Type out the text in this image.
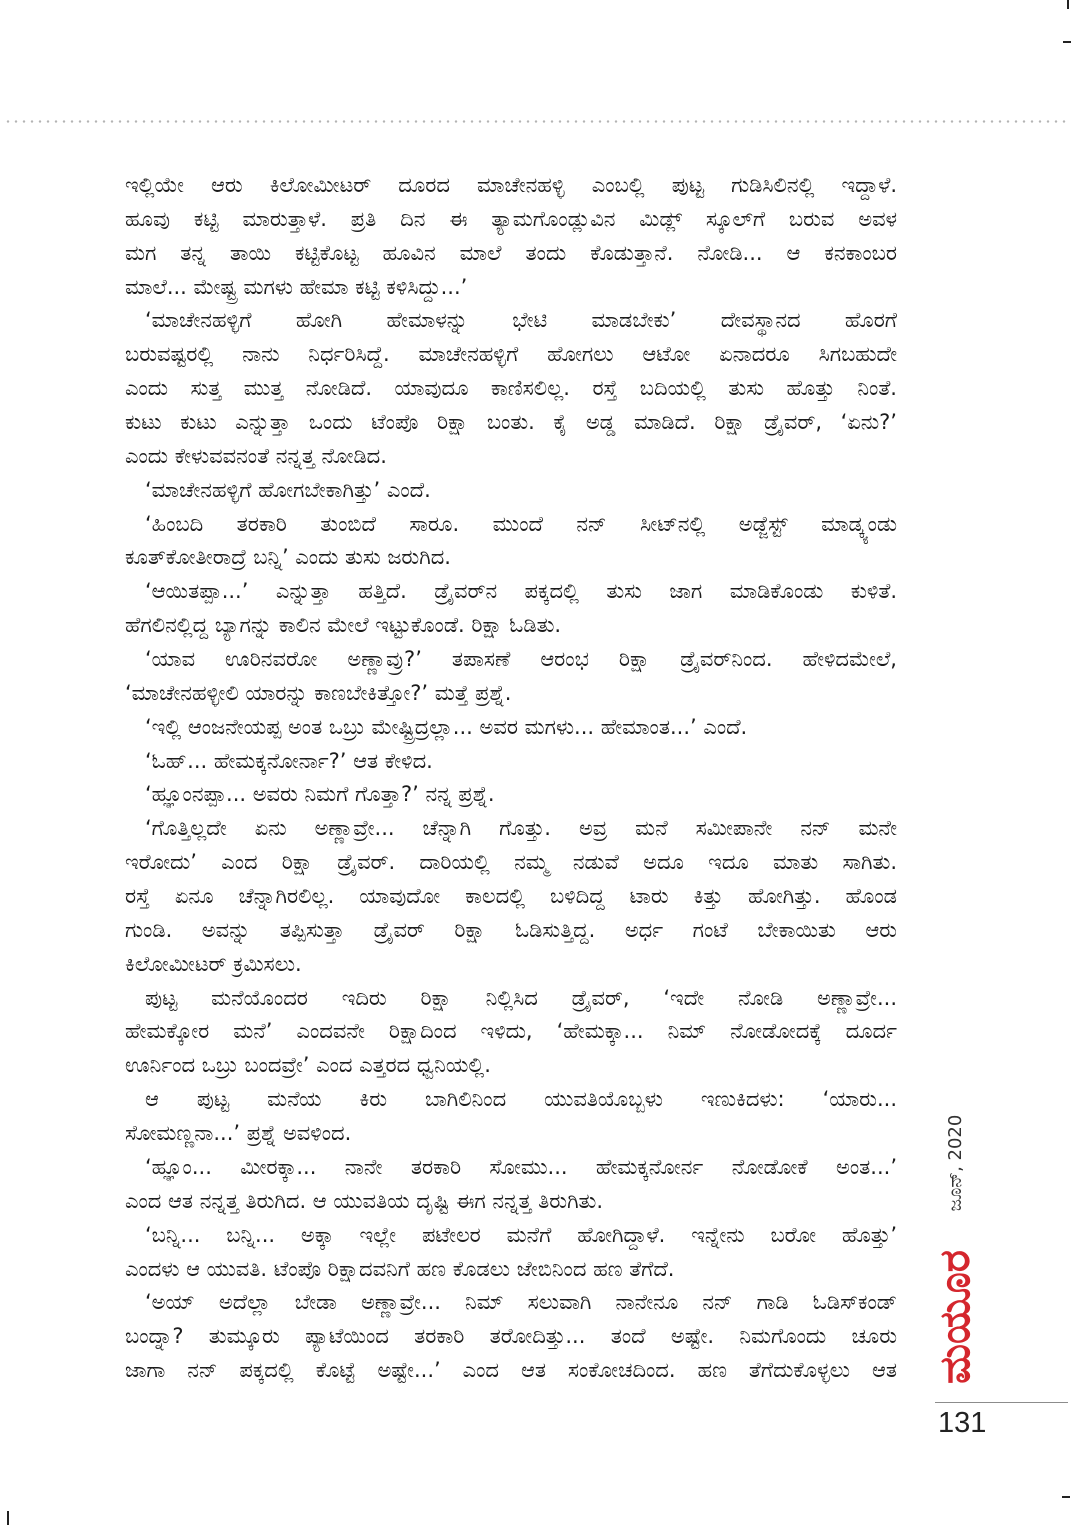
ಇಲ್ಲಿಯೇ ಆರು ಕಿಲೋಮೀಟರ್ ದೂರದ ಮಾಚೇನಹಳ್ಳಿ ಎಂಬಲ್ಲಿ ಪುಟ್ಟ ಗುಡಿಸಿಲಿನಲ್ಲಿ ಇದ್ದಾಳೆ.
ಹೂವು ಕಟ್ಟಿ ಮಾರುತ್ತಾಳೆ. ಪ್ರತಿ ದಿನ ಈ ತ್ಯಾಮಗೊಂಡ್ಲುವಿನ ಮಿಡ್ಲ್ ಸ್ಕೂಲ್‌ಗೆ ಬರುವ ಅವಳ
ಮಗ ತನ್ನ ತಾಯಿ ಕಟ್ಟಿಕೊಟ್ಟ ಹೂವಿನ ಮಾಲೆ ತಂದು ಕೊಡುತ್ತಾನೆ. ನೋಡಿ... ಆ ಕನಕಾಂಬರ
ಮಾಲೆ... ಮೇಷ್ಟ್ರ ಮಗಳು ಹೇಮಾ ಕಟ್ಟಿ ಕಳಿಸಿದ್ದು...’
‘ಮಾಚೇನಹಳ್ಳಿಗೆ ಹೋಗಿ ಹೇಮಾಳನ್ನು ಭೇಟಿ ಮಾಡಬೇಕು’ ದೇವಸ್ಥಾನದ ಹೊರಗೆ
ಬರುವಷ್ಟರಲ್ಲಿ ನಾನು ನಿರ್ಧರಿಸಿದ್ದೆ. ಮಾಚೇನಹಳ್ಳಿಗೆ ಹೋಗಲು ಆಟೋ ಏನಾದರೂ ಸಿಗಬಹುದೇ
ಎಂದು ಸುತ್ತ ಮುತ್ತ ನೋಡಿದೆ. ಯಾವುದೂ ಕಾಣಿಸಲಿಲ್ಲ. ರಸ್ತೆ ಬದಿಯಲ್ಲಿ ತುಸು ಹೊತ್ತು ನಿಂತೆ.
ಕುಟು ಕುಟು ಎನ್ನುತ್ತಾ ಒಂದು ಟೆಂಪೊ ರಿಕ್ಷಾ ಬಂತು. ಕೈ ಅಡ್ಡ ಮಾಡಿದೆ. ರಿಕ್ಷಾ ಡ್ರೈವರ್, ‘ಏನು?’
ಎಂದು ಕೇಳುವವನಂತೆ ನನ್ನತ್ತ ನೋಡಿದ.
‘ಮಾಚೇನಹಳ್ಳಿಗೆ ಹೋಗಬೇಕಾಗಿತ್ತು’ ಎಂದೆ.
‘ಹಿಂಬದಿ ತರಕಾರಿ ತುಂಬಿದೆ ಸಾರೂ. ಮುಂದೆ ನನ್ ಸೀಟ್‌ನಲ್ಲಿ ಅಡ್ಜೆಸ್ಟ್ ಮಾಡ್ಕ್ಯಂಡು
ಕೂತ್‌ಕೋತೀರಾದ್ರೆ ಬನ್ನಿ’ ಎಂದು ತುಸು ಜರುಗಿದ.
‘ಆಯಿತಪ್ಪಾ...’ ಎನ್ನುತ್ತಾ ಹತ್ತಿದೆ. ಡ್ರೈವರ್‌ನ ಪಕ್ಕದಲ್ಲಿ ತುಸು ಜಾಗ ಮಾಡಿಕೊಂಡು ಕುಳಿತೆ.
ಹೆಗಲಿನಲ್ಲಿದ್ದ ಬ್ಯಾಗನ್ನು ಕಾಲಿನ ಮೇಲೆ ಇಟ್ಟುಕೊಂಡೆ. ರಿಕ್ಷಾ ಓಡಿತು.
‘ಯಾವ ಊರಿನವರೋ ಅಣ್ಣಾವ್ರು?’ ತಪಾಸಣೆ ಆರಂಭ ರಿಕ್ಷಾ ಡ್ರೈವರ್‌ನಿಂದ. ಹೇಳಿದಮೇಲೆ,
‘ಮಾಚೇನಹಳ್ಳೀಲಿ ಯಾರನ್ನು ಕಾಣಬೇಕಿತ್ತೋ?’ ಮತ್ತೆ ಪ್ರಶ್ನೆ.
‘ಇಲ್ಲಿ ಆಂಜನೇಯಪ್ಪ ಅಂತ ಒಬ್ರು ಮೇಷ್ಟ್ರಿದ್ರಲ್ಲಾ... ಅವರ ಮಗಳು... ಹೇಮಾಂತ...’ ಎಂದೆ.
‘ಓಹ್... ಹೇಮಕ್ಕನೋರ್ನಾ?’ ಆತ ಕೇಳಿದ.
‘ಹ್ಞೂಂನಪ್ಪಾ... ಅವರು ನಿಮಗೆ ಗೊತ್ತಾ?’ ನನ್ನ ಪ್ರಶ್ನೆ.
‘ಗೊತ್ತಿಲ್ಲದೇ ಏನು ಅಣ್ಣಾವ್ರೇ... ಚೆನ್ನಾಗಿ ಗೊತ್ತು. ಅವ್ರ ಮನೆ ಸಮೀಪಾನೇ ನನ್ ಮನೇ
ಇರೋದು’ ಎಂದ ರಿಕ್ಷಾ ಡ್ರೈವರ್. ದಾರಿಯಲ್ಲಿ ನಮ್ಮ ನಡುವೆ ಅದೂ ಇದೂ ಮಾತು ಸಾಗಿತು.
ರಸ್ತೆ ಏನೂ ಚೆನ್ನಾಗಿರಲಿಲ್ಲ. ಯಾವುದೋ ಕಾಲದಲ್ಲಿ ಬಳಿದಿದ್ದ ಟಾರು ಕಿತ್ತು ಹೋಗಿತ್ತು. ಹೊಂಡ
ಗುಂಡಿ. ಅವನ್ನು ತಪ್ಪಿಸುತ್ತಾ ಡ್ರೈವರ್ ರಿಕ್ಷಾ ಓಡಿಸುತ್ತಿದ್ದ. ಅರ್ಧ ಗಂಟೆ ಬೇಕಾಯಿತು ಆರು
ಕಿಲೋಮೀಟರ್ ಕ್ರಮಿಸಲು.
ಪುಟ್ಟ ಮನೆಯೊಂದರ ಇದಿರು ರಿಕ್ಷಾ ನಿಲ್ಲಿಸಿದ ಡ್ರೈವರ್, ‘ಇದೇ ನೋಡಿ ಅಣ್ಣಾವ್ರೇ...
ಹೇಮಕ್ಕೋರ ಮನೆ’ ಎಂದವನೇ ರಿಕ್ಷಾದಿಂದ ಇಳಿದು, ‘ಹೇಮಕ್ಕಾ... ನಿಮ್ ನೋಡೋದಕ್ಕೆ ದೂರ್ದ
ಊರ್ನಿಂದ ಒಬ್ರು ಬಂದವ್ರೇ’ ಎಂದ ಎತ್ತರದ ಧ್ವನಿಯಲ್ಲಿ.
ಆ ಪುಟ್ಟ ಮನೆಯ ಕಿರು ಬಾಗಿಲಿನಿಂದ ಯುವತಿಯೊಬ್ಬಳು ಇಣುಕಿದಳು: ‘ಯಾರು...
ಸೋಮಣ್ಣನಾ...’ ಪ್ರಶ್ನೆ ಅವಳಿಂದ.
‘ಹ್ಞೂಂ... ಮೀರಕ್ಕಾ... ನಾನೇ ತರಕಾರಿ ಸೋಮು... ಹೇಮಕ್ಕನೋರ್ನ ನೋಡೋಕೆ ಅಂತ...’
ಎಂದ ಆತ ನನ್ನತ್ತ ತಿರುಗಿದ. ಆ ಯುವತಿಯ ದೃಷ್ಟಿ ಈಗ ನನ್ನತ್ತ ತಿರುಗಿತು.
‘ಬನ್ನಿ... ಬನ್ನಿ... ಅಕ್ಕಾ ಇಲ್ಲೇ ಪಟೇಲರ ಮನೆಗೆ ಹೋಗಿದ್ದಾಳೆ. ಇನ್ನೇನು ಬರೋ ಹೊತ್ತು’
ಎಂದಳು ಆ ಯುವತಿ. ಟೆಂಪೊ ರಿಕ್ಷಾದವನಿಗೆ ಹಣ ಕೊಡಲು ಜೇಬಿನಿಂದ ಹಣ ತೆಗೆದೆ.
‘ಅಯ್ ಅದೆಲ್ಲಾ ಬೇಡಾ ಅಣ್ಣಾವ್ರೇ... ನಿಮ್ ಸಲುವಾಗಿ ನಾನೇನೂ ನನ್ ಗಾಡಿ ಓಡಿಸ್‌ಕಂಡ್
ಬಂದ್ನಾ? ತುಮ್ಕೂರು ಪ್ಯಾಟೆಯಿಂದ ತರಕಾರಿ ತರೋದಿತ್ತು... ತಂದೆ ಅಷ್ಟೇ. ನಿಮಗೊಂದು ಚೂರು
ಜಾಗಾ ನನ್ ಪಕ್ಕದಲ್ಲಿ ಕೊಟ್ಟೆ ಅಷ್ಟೇ...’ ಎಂದ ಆತ ಸಂಕೋಚದಿಂದ. ಹಣ ತೆಗೆದುಕೊಳ್ಳಲು ಆತ
ಜೂನ್, 2020
ಮಯೂರ
131
